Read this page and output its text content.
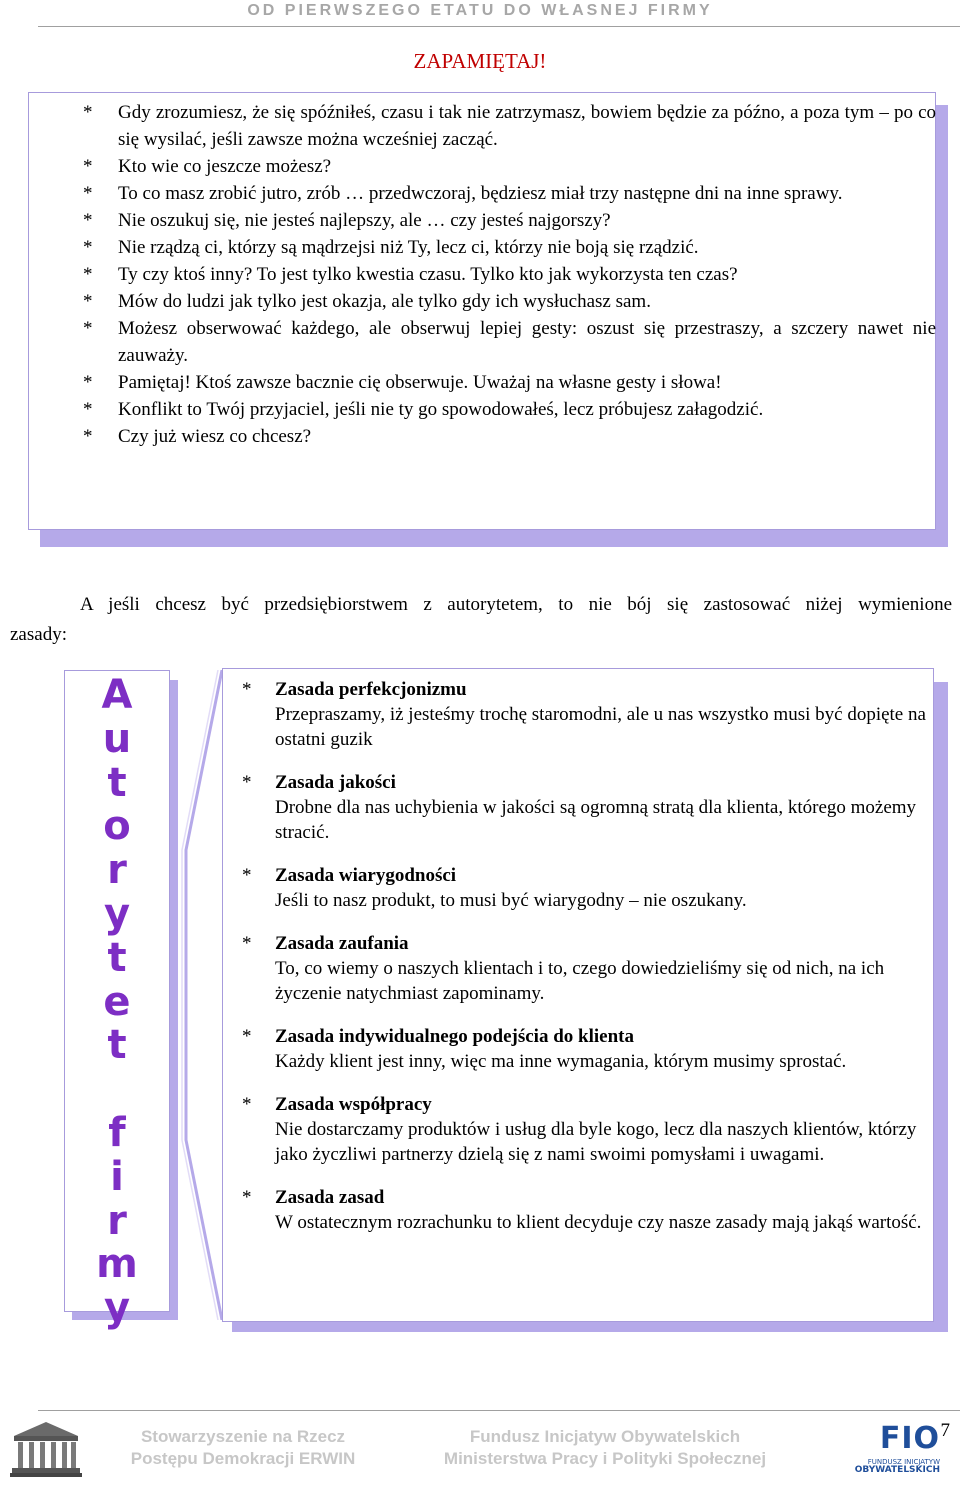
OD PIERWSZEGO ETATU DO WŁASNEJ FIRMY
ZAPAMIĘTAJ!
* Gdy zrozumiesz, że się spóźniłeś, czasu i tak nie zatrzymasz, bowiem będzie za późno, a poza tym – po co się wysilać, jeśli zawsze można wcześniej zacząć.
* Kto wie co jeszcze możesz?
* To co masz zrobić jutro, zrób … przedwczoraj, będziesz miał trzy następne dni na inne sprawy.
* Nie oszukuj się, nie jesteś najlepszy, ale … czy jesteś najgorszy?
* Nie rządzą ci, którzy są mądrzejsi niż Ty, lecz ci, którzy nie boją się rządzić.
* Ty czy ktoś inny? To jest tylko kwestia czasu. Tylko kto jak wykorzysta ten czas?
* Mów do ludzi jak tylko jest okazja, ale tylko gdy ich wysłuchasz sam.
* Możesz obserwować każdego, ale obserwuj lepiej gesty: oszust się przestraszy, a szczery nawet nie zauważy.
* Pamiętaj! Ktoś zawsze bacznie cię obserwuje. Uważaj na własne gesty i słowa!
* Konflikt to Twój przyjaciel, jeśli nie ty go spowodowałeś, lecz próbujesz załagodzić.
* Czy już wiesz co chcesz?
A jeśli chcesz być przedsiębiorstwem z autorytetem, to nie bój się zastosować niżej wymienione
zasady:
A
u
t
o
r
y
t
e
t
f
i
r
m
y
* Zasada perfekcjonizmu
Przepraszamy, iż jesteśmy trochę staromodni, ale u nas wszystko musi być dopięte na ostatni guzik
* Zasada jakości
Drobne dla nas uchybienia w jakości są ogromną stratą dla klienta, którego możemy stracić.
* Zasada wiarygodności
Jeśli to nasz produkt, to musi być wiarygodny – nie oszukany.
* Zasada zaufania
To, co wiemy o naszych klientach i to, czego dowiedzieliśmy się od nich, na ich życzenie natychmiast zapominamy.
* Zasada indywidualnego podejścia do klienta
Każdy klient jest inny, więc ma inne wymagania, którym musimy sprostać.
* Zasada współpracy
Nie dostarczamy produktów i usług dla byle kogo, lecz dla naszych klientów, którzy jako życzliwi partnerzy dzielą się z nami swoimi pomysłami i uwagami.
* Zasada zasad
W ostatecznym rozrachunku to klient decyduje czy nasze zasady mają jakąś wartość.
Stowarzyszenie na Rzecz
Postępu Demokracji ERWIN
Fundusz Inicjatyw Obywatelskich
Ministerstwa Pracy i Polityki Społecznej
7
FIO
FUNDUSZ INICJATYW
OBYWATELSKICH
